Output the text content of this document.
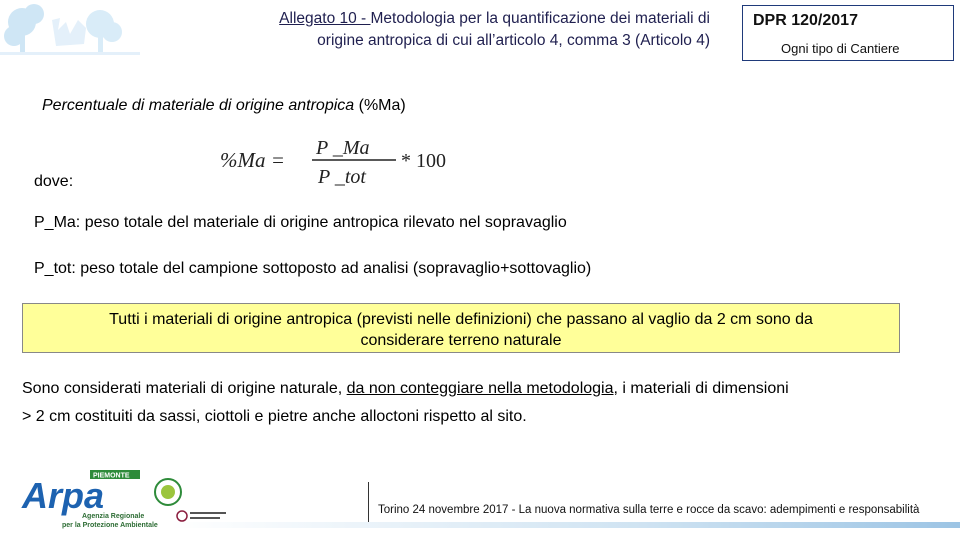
Allegato 10 - Metodologia per la quantificazione dei materiali di
origine antropica di cui all’articolo 4, comma 3 (Articolo 4)
DPR 120/2017
Ogni tipo di Cantiere
Percentuale di materiale di origine antropica (%Ma)
%Ma = P _Ma
P _tot
* 100
dove:
P_Ma: peso totale del materiale di origine antropica rilevato nel sopravaglio
P_tot: peso totale del campione sottoposto ad analisi (sopravaglio+sottovaglio)
Tutti i materiali di origine antropica (previsti nelle definizioni) che passano al vaglio da 2 cm sono da
considerare terreno naturale
Sono considerati materiali di origine naturale, da non conteggiare nella metodologia, i materiali di dimensioni
> 2 cm costituiti da sassi, ciottoli e pietre anche alloctoni rispetto al sito.
PIEMONTE
Arpa
Agenzia Regionale
per la Protezione Ambientale
Torino 24 novembre 2017 - La nuova normativa sulla terre e rocce da scavo: adempimenti e responsabilità
